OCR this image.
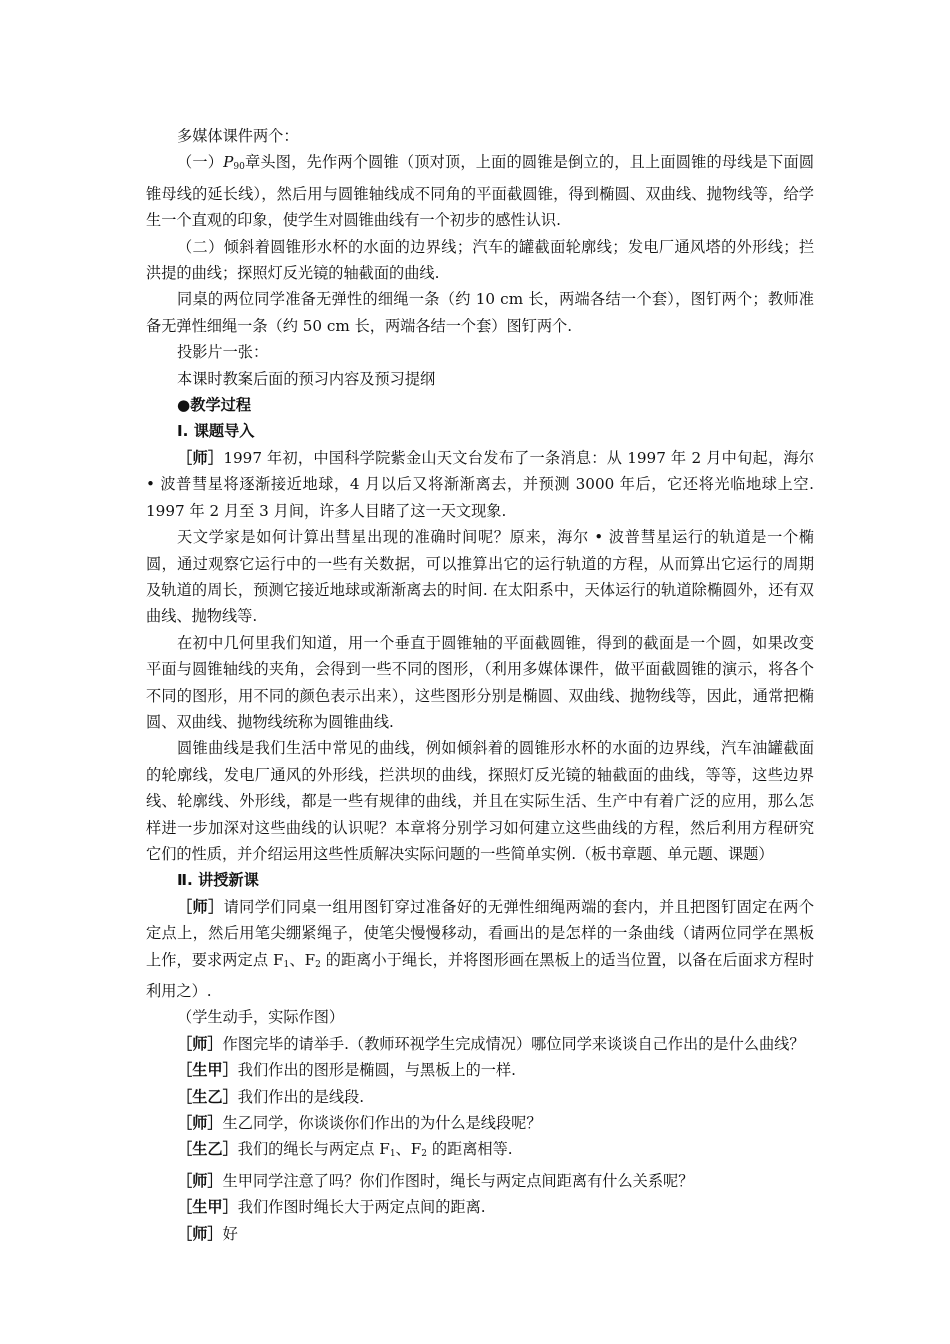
多媒体课件两个：

（一）$P_{90}$章头图，先作两个圆锥（顶对顶，上面的圆锥是倒立的，且上面圆锥的母线是下面圆锥母线的延长线），然后用与圆锥轴线成不同角的平面截圆锥，得到椭圆、双曲线、抛物线等，给学生一个直观的印象，使学生对圆锥曲线有一个初步的感性认识.

（二）倾斜着圆锥形水杯的水面的边界线；汽车的罐截面轮廓线；发电厂通风塔的外形线；拦洪提的曲线；探照灯反光镜的轴截面的曲线.

同桌的两位同学准备无弹性的细绳一条（约 10 cm 长，两端各结一个套），图钉两个；教师准备无弹性细绳一条（约 50 cm 长，两端各结一个套）图钉两个.

投影片一张：

本课时教案后面的预习内容及预习提纲

●教学过程

Ⅰ. 课题导入

［师］1997 年初，中国科学院紫金山天文台发布了一条消息：从 1997 年 2 月中旬起，海尔 • 波普彗星将逐渐接近地球，4 月以后又将渐渐离去，并预测 3000 年后，它还将光临地球上空. 1997 年 2 月至 3 月间，许多人目睹了这一天文现象.

天文学家是如何计算出彗星出现的准确时间呢？原来，海尔 • 波普彗星运行的轨道是一个椭圆，通过观察它运行中的一些有关数据，可以推算出它的运行轨道的方程，从而算出它运行的周期及轨道的周长，预测它接近地球或渐渐离去的时间. 在太阳系中，天体运行的轨道除椭圆外，还有双曲线、抛物线等.

在初中几何里我们知道，用一个垂直于圆锥轴的平面截圆锥，得到的截面是一个圆，如果改变平面与圆锥轴线的夹角，会得到一些不同的图形，（利用多媒体课件，做平面截圆锥的演示，将各个不同的图形，用不同的颜色表示出来），这些图形分别是椭圆、双曲线、抛物线等，因此，通常把椭圆、双曲线、抛物线统称为圆锥曲线.

圆锥曲线是我们生活中常见的曲线，例如倾斜着的圆锥形水杯的水面的边界线，汽车油罐截面的轮廓线，发电厂通风的外形线，拦洪坝的曲线，探照灯反光镜的轴截面的曲线，等等，这些边界线、轮廓线、外形线，都是一些有规律的曲线，并且在实际生活、生产中有着广泛的应用，那么怎样进一步加深对这些曲线的认识呢？本章将分别学习如何建立这些曲线的方程，然后利用方程研究它们的性质，并介绍运用这些性质解决实际问题的一些简单实例.（板书章题、单元题、课题）

Ⅱ. 讲授新课

［师］请同学们同桌一组用图钉穿过准备好的无弹性细绳两端的套内，并且把图钉固定在两个定点上，然后用笔尖绷紧绳子，使笔尖慢慢移动，看画出的是怎样的一条曲线（请两位同学在黑板上作，要求两定点 $F_1$、$F_2$ 的距离小于绳长，并将图形画在黑板上的适当位置，以备在后面求方程时利用之）.

（学生动手，实际作图）

［师］作图完毕的请举手.（教师环视学生完成情况）哪位同学来谈谈自己作出的是什么曲线？

［生甲］我们作出的图形是椭圆，与黑板上的一样.

［生乙］我们作出的是线段.

［师］生乙同学，你谈谈你们作出的为什么是线段呢？

［生乙］我们的绳长与两定点 $F_1$、$F_2$ 的距离相等.

［师］生甲同学注意了吗？你们作图时，绳长与两定点间距离有什么关系呢？

［生甲］我们作图时绳长大于两定点间的距离.

［师］好
